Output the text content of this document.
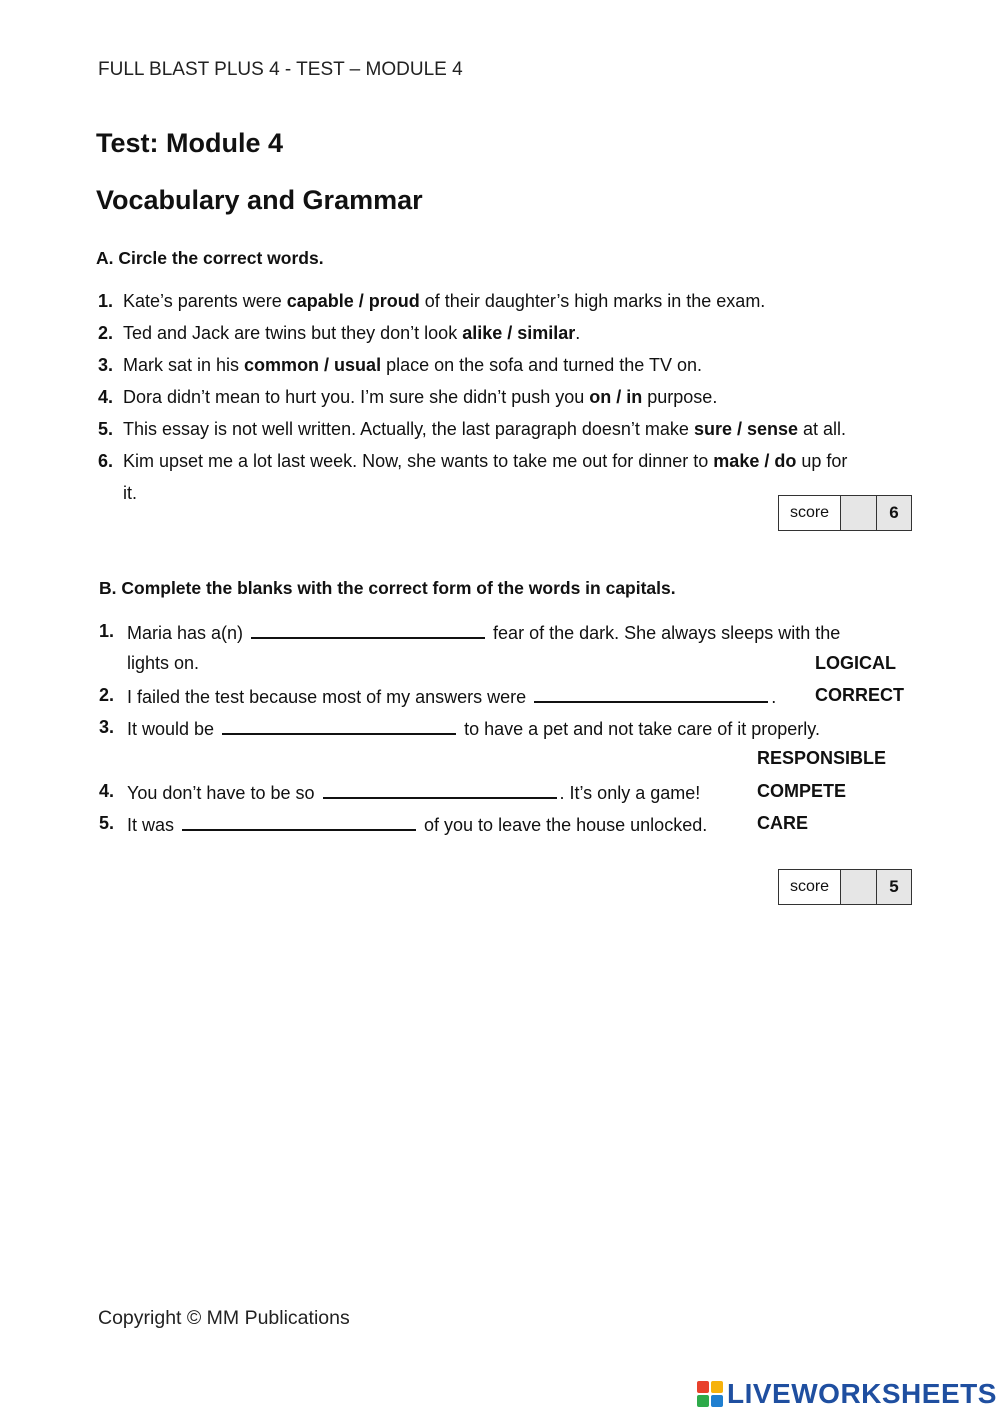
FULL BLAST PLUS 4 - TEST – MODULE 4
Test: Module 4
Vocabulary and Grammar
A. Circle the correct words.
1. Kate’s parents were capable / proud of their daughter’s high marks in the exam.
2. Ted and Jack are twins but they don’t look alike / similar.
3. Mark sat in his common / usual place on the sofa and turned the TV on.
4. Dora didn’t mean to hurt you. I’m sure she didn’t push you on / in purpose.
5. This essay is not well written. Actually, the last paragraph doesn’t make sure / sense at all.
6. Kim upset me a lot last week. Now, she wants to take me out for dinner to make / do up for
it.
score	6
B. Complete the blanks with the correct form of the words in capitals.
1. Maria has a(n)	fear of the dark. She always sleeps with the
lights on.	LOGICAL
2. I failed the test because most of my answers were	. CORRECT
3. It would be	to have a pet and not take care of it properly.
RESPONSIBLE
4. You don’t have to be so	. It’s only a game!	COMPETE
5. It was	of you to leave the house unlocked.	CARE
score	5
Copyright © MM Publications
LIVEWORKSHEETS
